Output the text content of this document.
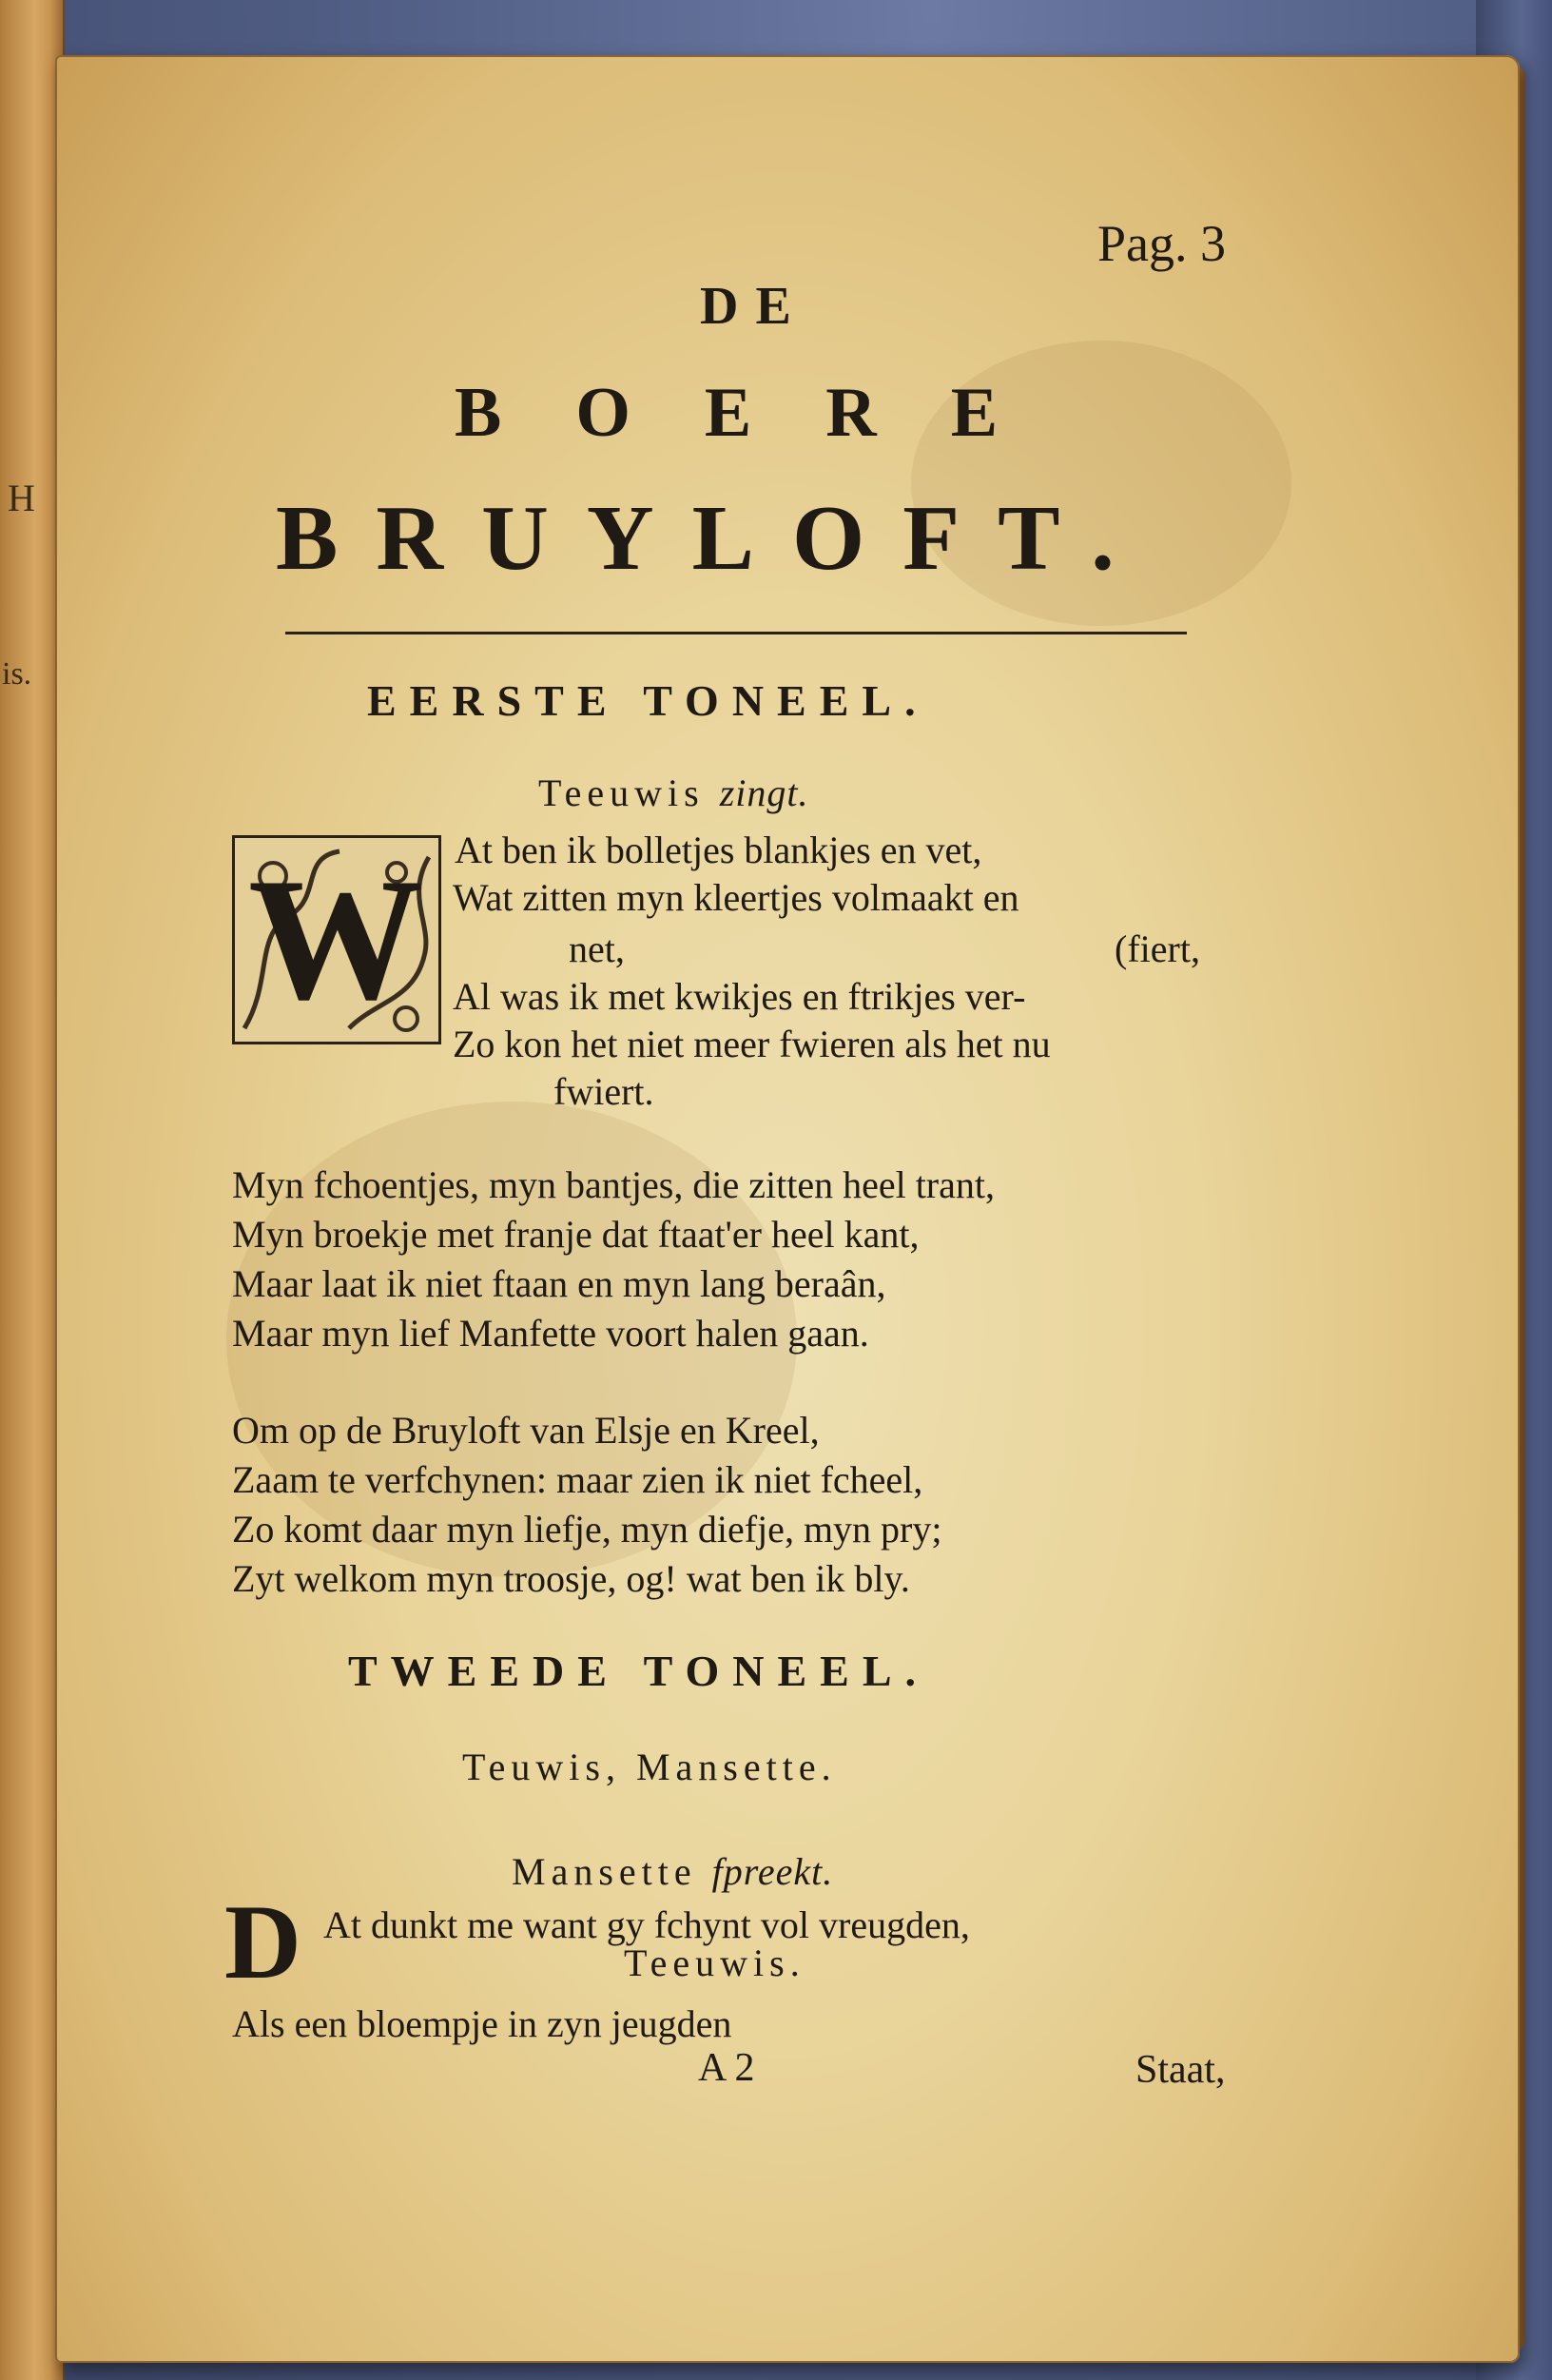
H
is.
Pag. 3
DE
BOERE
BRUYLOFT.
EERSTE TONEEL.
Teeuwis zingt.
W At ben ik bolletjes blankjes en vet,
Wat zitten myn kleertjes volmaakt en
net,	(fiert,
Al was ik met kwikjes en ftrikjes ver-
Zo kon het niet meer fwieren als het nu
fwiert.
Myn fchoentjes, myn bantjes, die zitten heel trant,
Myn broekje met franje dat ftaat'er heel kant,
Maar laat ik niet ftaan en myn lang beraân,
Maar myn lief Manfette voort halen gaan.
Om op de Bruyloft van Elsje en Kreel,
Zaam te verfchynen: maar zien ik niet fcheel,
Zo komt daar myn liefje, myn diefje, myn pry;
Zyt welkom myn troosje, og! wat ben ik bly.
TWEEDE TONEEL.
Teuwis, Mansette.
Mansette fpreekt.
D At dunkt me want gy fchynt vol vreugden,
Teeuwis.
Als een bloempje in zyn jeugden
A 2	Staat,
